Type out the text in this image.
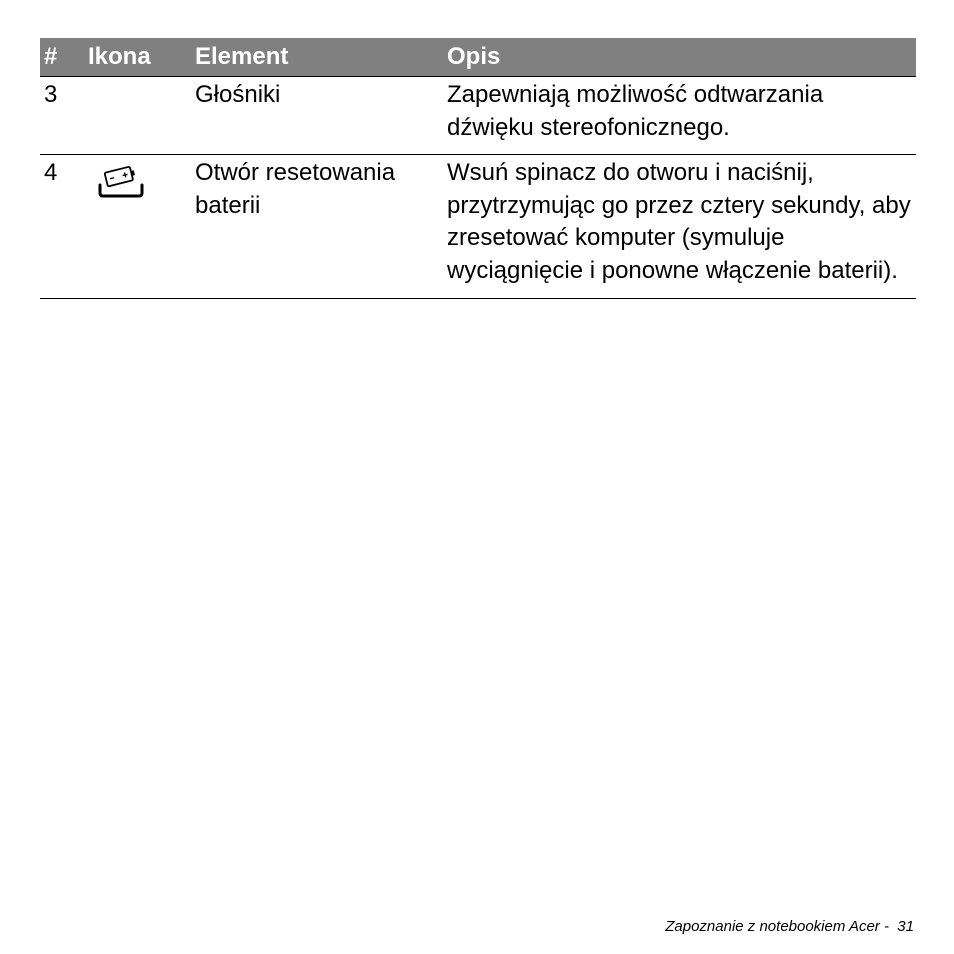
#	Ikona	Element	Opis
3		Głośniki	Zapewniają możliwość odtwarzania dźwięku stereofonicznego.
4		Otwór resetowania baterii	Wsuń spinacz do otworu i naciśnij, przytrzymując go przez cztery sekundy, aby zresetować komputer (symuluje wyciągnięcie i ponowne włączenie baterii).
Zapoznanie z notebookiem Acer -  31
